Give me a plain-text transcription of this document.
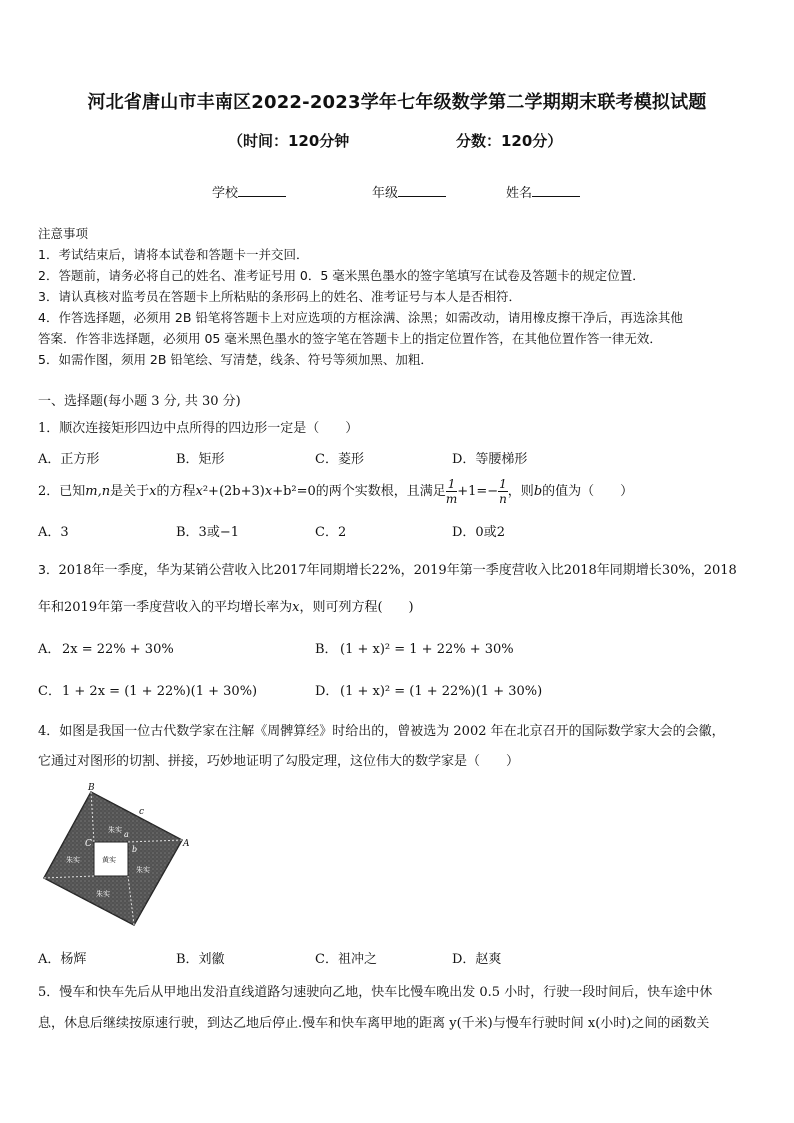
河北省唐山市丰南区2022-2023学年七年级数学第二学期期末联考模拟试题
（时间：120分钟	分数：120分）
学校	年级	姓名
注意事项
1．考试结束后，请将本试卷和答题卡一并交回．
2．答题前，请务必将自己的姓名、准考证号用 0．5 毫米黑色墨水的签字笔填写在试卷及答题卡的规定位置．
3．请认真核对监考员在答题卡上所粘贴的条形码上的姓名、准考证号与本人是否相符．
4．作答选择题，必须用 2B 铅笔将答题卡上对应选项的方框涂满、涂黑；如需改动，请用橡皮擦干净后，再选涂其他
答案．作答非选择题，必须用 05 毫米黑色墨水的签字笔在答题卡上的指定位置作答，在其他位置作答一律无效．
5．如需作图，须用 2B 铅笔绘、写清楚，线条、符号等须加黑、加粗．
一、选择题(每小题 3 分, 共 30 分)
1．顺次连接矩形四边中点所得的四边形一定是（　　）
A．正方形	B．矩形	C．菱形	D．等腰梯形
2．已知m,n是关于x的方程x²+(2b+3)x+b²=0的两个实数根，且满足 $\frac{1}{m} +1=- \frac{1}{n}$ ，则b的值为（　　）
A．3	B．3或−1	C．2	D．0或2
3．2018年一季度，华为某销公营收入比2017年同期增长22%，2019年第一季度营收入比2018年同期增长30%，2018
年和2019年第一季度营收入的平均增长率为x，则可列方程(　　)
A． 2x = 22% + 30%	B． (1 + x)² = 1 + 22% + 30%
C． 1 + 2x = (1 + 22%)(1 + 30%)	D． (1 + x)² = (1 + 22%)(1 + 30%)
4．如图是我国一位古代数学家在注解《周髀算经》时给出的，曾被选为 2002 年在北京召开的国际数学家大会的会徽，
它通过对图形的切割、拼接，巧妙地证明了勾股定理，这位伟大的数学家是（　　）
B
c
A
C
a
b
朱实
朱实
朱实
朱实
黄实
A．杨辉	B．刘徽	C．祖冲之	D．赵爽
5．慢车和快车先后从甲地出发沿直线道路匀速驶向乙地，快车比慢车晚出发 0.5 小时，行驶一段时间后，快车途中休
息，休息后继续按原速行驶，到达乙地后停止.慢车和快车离甲地的距离 y(千米)与慢车行驶时间 x(小时)之间的函数关
